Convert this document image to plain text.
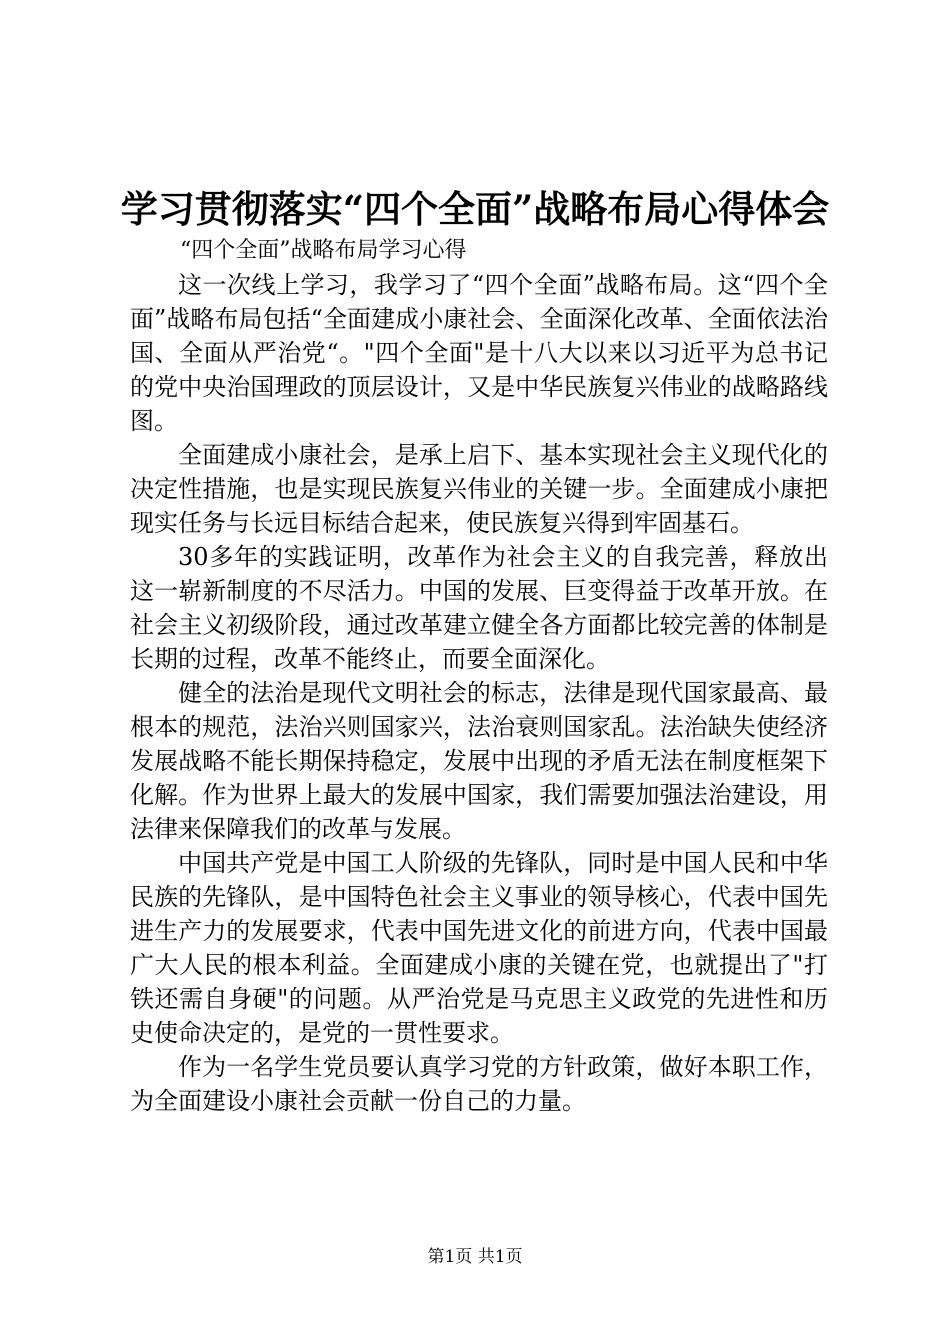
学习贯彻落实“四个全面”战略布局心得体会

“四个全面”战略布局学习心得

这一次线上学习，我学习了“四个全面”战略布局。这“四个全面”战略布局包括“全面建成小康社会、全面深化改革、全面依法治国、全面从严治党“。"四个全面"是十八大以来以习近平为总书记的党中央治国理政的顶层设计，又是中华民族复兴伟业的战略路线图。

全面建成小康社会，是承上启下、基本实现社会主义现代化的决定性措施，也是实现民族复兴伟业的关键一步。全面建成小康把现实任务与长远目标结合起来，使民族复兴得到牢固基石。

30多年的实践证明，改革作为社会主义的自我完善，释放出这一崭新制度的不尽活力。中国的发展、巨变得益于改革开放。在社会主义初级阶段，通过改革建立健全各方面都比较完善的体制是长期的过程，改革不能终止，而要全面深化。

健全的法治是现代文明社会的标志，法律是现代国家最高、最根本的规范，法治兴则国家兴，法治衰则国家乱。法治缺失使经济发展战略不能长期保持稳定，发展中出现的矛盾无法在制度框架下化解。作为世界上最大的发展中国家，我们需要加强法治建设，用法律来保障我们的改革与发展。

中国共产党是中国工人阶级的先锋队，同时是中国人民和中华民族的先锋队，是中国特色社会主义事业的领导核心，代表中国先进生产力的发展要求，代表中国先进文化的前进方向，代表中国最广大人民的根本利益。全面建成小康的关键在党，也就提出了"打铁还需自身硬"的问题。从严治党是马克思主义政党的先进性和历史使命决定的，是党的一贯性要求。

作为一名学生党员要认真学习党的方针政策，做好本职工作，为全面建设小康社会贡献一份自己的力量。

第1页 共1页
